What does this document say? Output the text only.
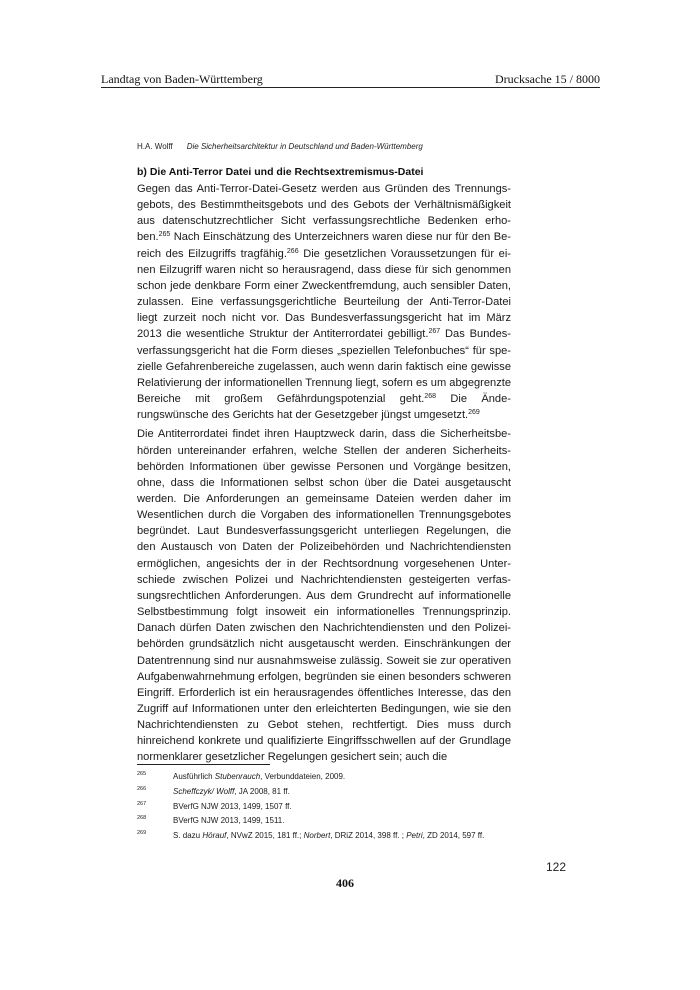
Landtag von Baden-Württemberg	Drucksache 15 / 8000
H.A. Wolff Die Sicherheitsarchitektur in Deutschland und Baden-Württemberg
b) Die Anti-Terror Datei und die Rechtsextremismus-Datei

Gegen das Anti-Terror-Datei-Gesetz werden aus Gründen des Trennungsgebots, des Bestimmtheitsgebots und des Gebots der Verhältnismäßigkeit aus datenschutzrechtlicher Sicht verfassungsrechtliche Bedenken erhoben.$^{265}$ Nach Einschätzung des Unterzeichners waren diese nur für den Bereich des Eilzugriffs tragfähig.$^{266}$ Die gesetzlichen Voraussetzungen für einen Eilzugriff waren nicht so herausragend, dass diese für sich genommen schon jede denkbare Form einer Zweckentfremdung, auch sensibler Daten, zulassen. Eine verfassungsgerichtliche Beurteilung der Anti-Terror-Datei liegt zurzeit noch nicht vor. Das Bundesverfassungsgericht hat im März 2013 die wesentliche Struktur der Antiterrordatei gebilligt.$^{267}$ Das Bundesverfassungsgericht hat die Form dieses „speziellen Telefonbuches“ für spezielle Gefahrenbereiche zugelassen, auch wenn darin faktisch eine gewisse Relativierung der informationellen Trennung liegt, sofern es um abgegrenzte Bereiche mit großem Gefährdungspotenzial geht.$^{268}$ Die Änderungswünsche des Gerichts hat der Gesetzgeber jüngst umgesetzt.$^{269}$

Die Antiterrordatei findet ihren Hauptzweck darin, dass die Sicherheitsbehörden untereinander erfahren, welche Stellen der anderen Sicherheitsbehörden Informationen über gewisse Personen und Vorgänge besitzen, ohne, dass die Informationen selbst schon über die Datei ausgetauscht werden. Die Anforderungen an gemeinsame Dateien werden daher im Wesentlichen durch die Vorgaben des informationellen Trennungsgebotes begründet. Laut Bundesverfassungsgericht unterliegen Regelungen, die den Austausch von Daten der Polizeibehörden und Nachrichtendiensten ermöglichen, angesichts der in der Rechtsordnung vorgesehenen Unterschiede zwischen Polizei und Nachrichtendiensten gesteigerten verfassungsrechtlichen Anforderungen. Aus dem Grundrecht auf informationelle Selbstbestimmung folgt insoweit ein informationelles Trennungsprinzip. Danach dürfen Daten zwischen den Nachrichtendiensten und den Polizeibehörden grundsätzlich nicht ausgetauscht werden. Einschränkungen der Datentrennung sind nur ausnahmsweise zulässig. Soweit sie zur operativen Aufgabenwahrnehmung erfolgen, begründen sie einen besonders schweren Eingriff. Erforderlich ist ein herausragendes öffentliches Interesse, das den Zugriff auf Informationen unter den erleichterten Bedingungen, wie sie den Nachrichtendiensten zu Gebot stehen, rechtfertigt. Dies muss durch hinreichend konkrete und qualifizierte Eingriffsschwellen auf der Grundlage normenklarer gesetzlicher Regelungen gesichert sein; auch die

265	Ausführlich Stubenrauch, Verbunddateien, 2009.
266	Scheffczyk/ Wolff, JA 2008, 81 ff.
267	BVerfG NJW 2013, 1499, 1507 ff.
268	BVerfG NJW 2013, 1499, 1511.
269	S. dazu Hörauf, NVwZ 2015, 181 ff.; Norbert, DRiZ 2014, 398 ff. ; Petri, ZD 2014, 597 ff.
122
406
